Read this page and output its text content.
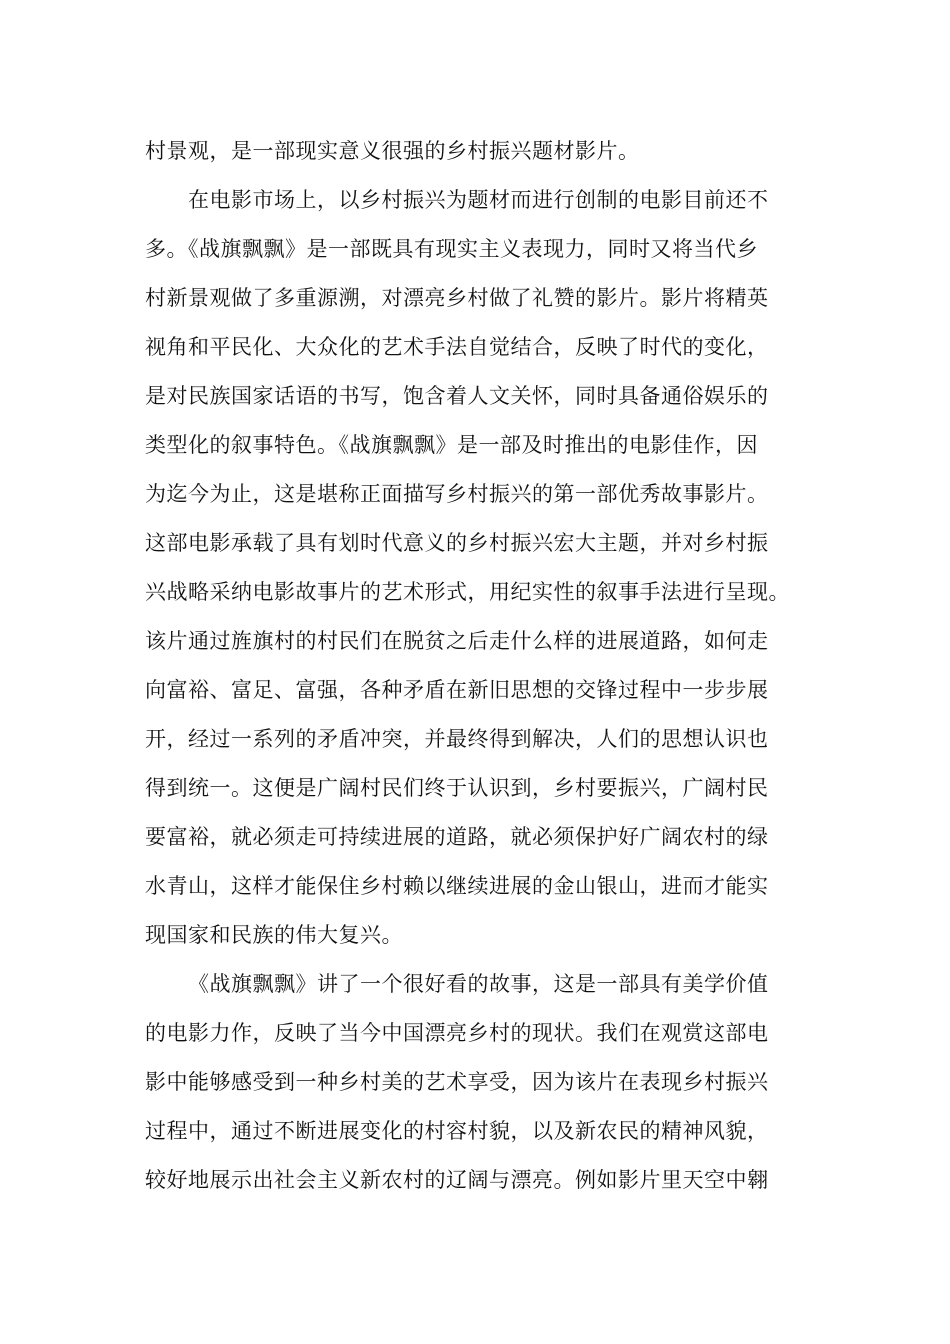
村景观，是一部现实意义很强的乡村振兴题材影片。
在电影市场上，以乡村振兴为题材而进行创制的电影目前还不
多。《战旗飘飘》是一部既具有现实主义表现力，同时又将当代乡
村新景观做了多重源溯，对漂亮乡村做了礼赞的影片。影片将精英
视角和平民化、大众化的艺术手法自觉结合，反映了时代的变化，
是对民族国家话语的书写，饱含着人文关怀，同时具备通俗娱乐的
类型化的叙事特色。《战旗飘飘》是一部及时推出的电影佳作，因
为迄今为止，这是堪称正面描写乡村振兴的第一部优秀故事影片。
这部电影承载了具有划时代意义的乡村振兴宏大主题，并对乡村振
兴战略采纳电影故事片的艺术形式，用纪实性的叙事手法进行呈现。
该片通过旌旗村的村民们在脱贫之后走什么样的进展道路，如何走
向富裕、富足、富强，各种矛盾在新旧思想的交锋过程中一步步展
开，经过一系列的矛盾冲突，并最终得到解决，人们的思想认识也
得到统一。这便是广阔村民们终于认识到，乡村要振兴，广阔村民
要富裕，就必须走可持续进展的道路，就必须保护好广阔农村的绿
水青山，这样才能保住乡村赖以继续进展的金山银山，进而才能实
现国家和民族的伟大复兴。
《战旗飘飘》讲了一个很好看的故事，这是一部具有美学价值
的电影力作，反映了当今中国漂亮乡村的现状。我们在观赏这部电
影中能够感受到一种乡村美的艺术享受，因为该片在表现乡村振兴
过程中，通过不断进展变化的村容村貌，以及新农民的精神风貌，
较好地展示出社会主义新农村的辽阔与漂亮。例如影片里天空中翱
